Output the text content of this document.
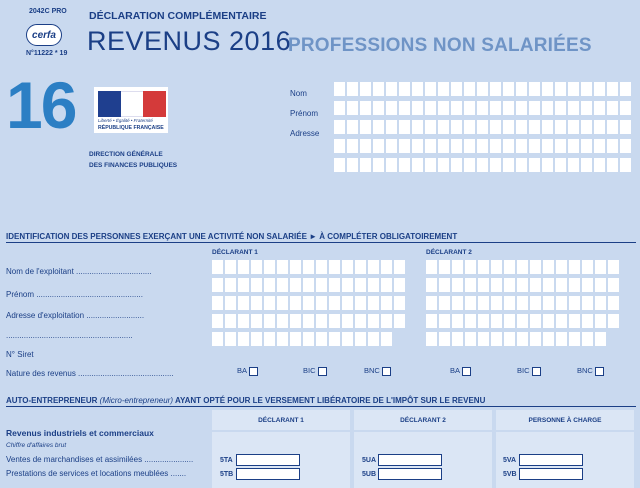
2042C PRO
cerfa
N°11222 * 19
16
DÉCLARATION COMPLÉMENTAIRE
REVENUS 2016
PROFESSIONS NON SALARIÉES
Liberté • Égalité • Fraternité
RÉPUBLIQUE FRANÇAISE
DIRECTION GÉNÉRALE
DES FINANCES PUBLIQUES
Nom
Prénom
Adresse
IDENTIFICATION DES PERSONNES EXERÇANT UNE ACTIVITÉ NON SALARIÉE ► À COMPLÉTER OBLIGATOIREMENT
DÉCLARANT 1	DÉCLARANT 2
Nom de l'exploitant ..................................
Prénom ................................................
Adresse d'exploitation ..........................
.........................................................
N° Siret
Nature des revenus ...........................................	BA	BIC	BNC	BA	BIC	BNC
AUTO-ENTREPRENEUR (Micro-entrepreneur) AYANT OPTÉ POUR LE VERSEMENT LIBÉRATOIRE DE L'IMPÔT SUR LE REVENU
DÉCLARANT 1	DÉCLARANT 2	PERSONNE À CHARGE
Revenus industriels et commerciaux
Chiffre d'affaires brut
Ventes de marchandises et assimilées ......................
Prestations de services et locations meublées .......
5TA	5UA	5VA
5TB	5UB	5VB
